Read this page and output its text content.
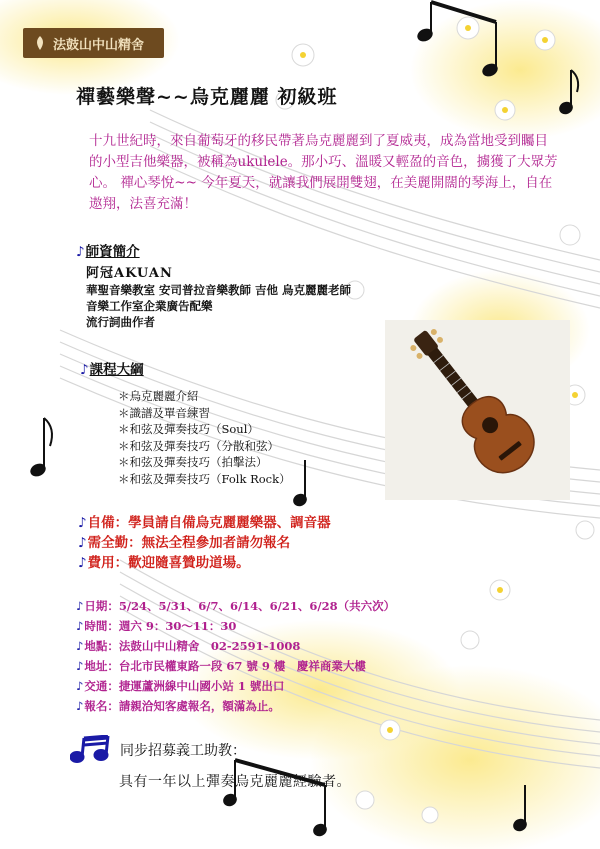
法鼓山中山精舍
禪藝樂聲~~烏克麗麗 初級班
十九世紀時，來自葡萄牙的移民帶著烏克麗麗到了夏威夷，成為當地受到矚目的小型吉他樂器，被稱為ukulele。那小巧、溫暖又輕盈的音色，擄獲了大眾芳心。 禪心琴悅~~ 今年夏天，就讓我們展開雙翅，在美麗開闊的琴海上，自在遨翔，法喜充滿！
♪師資簡介
阿冠AKUAN
華聖音樂教室 安司普拉音樂教師 吉他 烏克麗麗老師
音樂工作室企業廣告配樂
流行詞曲作者
♪課程大綱
＊烏克麗麗介紹
＊識譜及單音練習
＊和弦及彈奏技巧（Soul）
＊和弦及彈奏技巧（分散和弦）
＊和弦及彈奏技巧（拍擊法）
＊和弦及彈奏技巧（Folk Rock）
♪自備：學員請自備烏克麗麗樂器、調音器
♪需全勤：無法全程參加者請勿報名
♪費用：歡迎隨喜贊助道場。
♪日期：5/24、5/31、6/7、6/14、6/21、6/28（共六次）
♪時間：週六 9：30～11：30
♪地點：法鼓山中山精舍　02-2591-1008
♪地址：台北市民權東路一段 67 號 9 樓　慶祥商業大樓
♪交通：捷運蘆洲線中山國小站 1 號出口
♪報名：請親洽知客處報名，額滿為止。
同步招募義工助教：
具有一年以上彈奏烏克麗麗經驗者。
